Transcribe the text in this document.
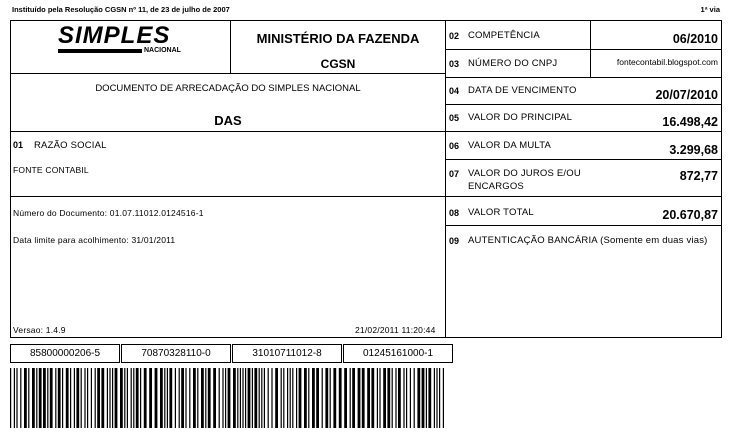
Instituído pela Resolução CGSN nº 11, de 23 de julho de 2007	1ª via
SIMPLES
NACIONAL
MINISTÉRIO DA FAZENDA
CGSN
DOCUMENTO DE ARRECADAÇÃO DO SIMPLES NACIONAL
DAS
01 RAZÃO SOCIAL
FONTE CONTABIL
Número do Documento: 01.07.11012.0124516-1
Data limite para acolhimento: 31/01/2011
Versao: 1.4.9	21/02/2011 11:20:44
02 COMPETÊNCIA	06/2010
03 NÚMERO DO CNPJ	fontecontabil.blogspot.com
04 DATA DE VENCIMENTO	20/07/2010
05 VALOR DO PRINCIPAL	16.498,42
06 VALOR DA MULTA	3.299,68
07 VALOR DO JUROS E/OU ENCARGOS
872,77
08 VALOR TOTAL	20.670,87
09 AUTENTICAÇÃO BANCÁRIA (Somente em duas vias)
85800000206-5	70870328110-0	31010711012-8	01245161000-1
